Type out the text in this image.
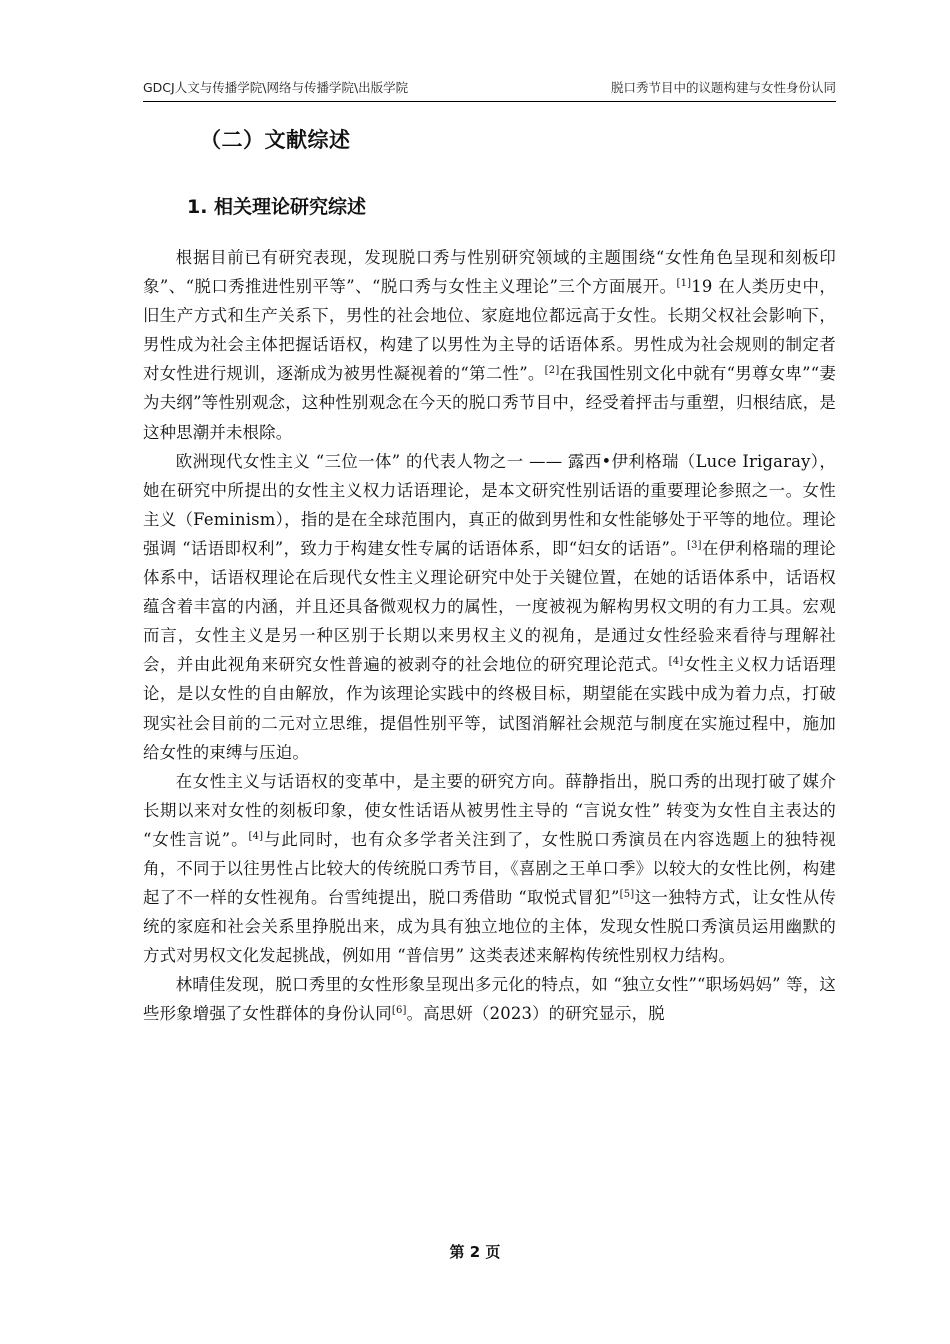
GDCJ人文与传播学院\网络与传播学院\出版学院	脱口秀节目中的议题构建与女性身份认同
（二）文献综述
1. 相关理论研究综述

根据目前已有研究表现，发现脱口秀与性别研究领域的主题围绕“女性角色呈现和刻板印象”、“脱口秀推进性别平等”、“脱口秀与女性主义理论”三个方面展开。[1]19 在人类历史中，旧生产方式和生产关系下，男性的社会地位、家庭地位都远高于女性。长期父权社会影响下，男性成为社会主体把握话语权，构建了以男性为主导的话语体系。男性成为社会规则的制定者对女性进行规训，逐渐成为被男性凝视着的“第二性”。[2]在我国性别文化中就有“男尊女卑”“妻为夫纲”等性别观念，这种性别观念在今天的脱口秀节目中，经受着抨击与重塑，归根结底，是这种思潮并未根除。

欧洲现代女性主义 “三位一体” 的代表人物之一 —— 露西•伊利格瑞（Luce Irigaray），她在研究中所提出的女性主义权力话语理论，是本文研究性别话语的重要理论参照之一。女性主义（Feminism），指的是在全球范围内，真正的做到男性和女性能够处于平等的地位。理论强调 “话语即权利”，致力于构建女性专属的话语体系，即“妇女的话语”。[3]在伊利格瑞的理论体系中，话语权理论在后现代女性主义理论研究中处于关键位置，在她的话语体系中，话语权蕴含着丰富的内涵，并且还具备微观权力的属性，一度被视为解构男权文明的有力工具。宏观而言，女性主义是另一种区别于长期以来男权主义的视角，是通过女性经验来看待与理解社会，并由此视角来研究女性普遍的被剥夺的社会地位的研究理论范式。[4]女性主义权力话语理论，是以女性的自由解放，作为该理论实践中的终极目标，期望能在实践中成为着力点，打破现实社会目前的二元对立思维，提倡性别平等，试图消解社会规范与制度在实施过程中，施加给女性的束缚与压迫。

在女性主义与话语权的变革中，是主要的研究方向。薛静指出，脱口秀的出现打破了媒介长期以来对女性的刻板印象，使女性话语从被男性主导的 “言说女性” 转变为女性自主表达的 “女性言说”。[4]与此同时，也有众多学者关注到了，女性脱口秀演员在内容选题上的独特视角，不同于以往男性占比较大的传统脱口秀节目，《喜剧之王单口季》以较大的女性比例，构建起了不一样的女性视角。台雪纯提出，脱口秀借助 “取悦式冒犯”[5]这一独特方式，让女性从传统的家庭和社会关系里挣脱出来，成为具有独立地位的主体，发现女性脱口秀演员运用幽默的方式对男权文化发起挑战，例如用 “普信男” 这类表述来解构传统性别权力结构。

林晴佳发现，脱口秀里的女性形象呈现出多元化的特点，如 “独立女性”“职场妈妈” 等，这些形象增强了女性群体的身份认同[6]。高思妍（2023）的研究显示，脱

第 2 页
